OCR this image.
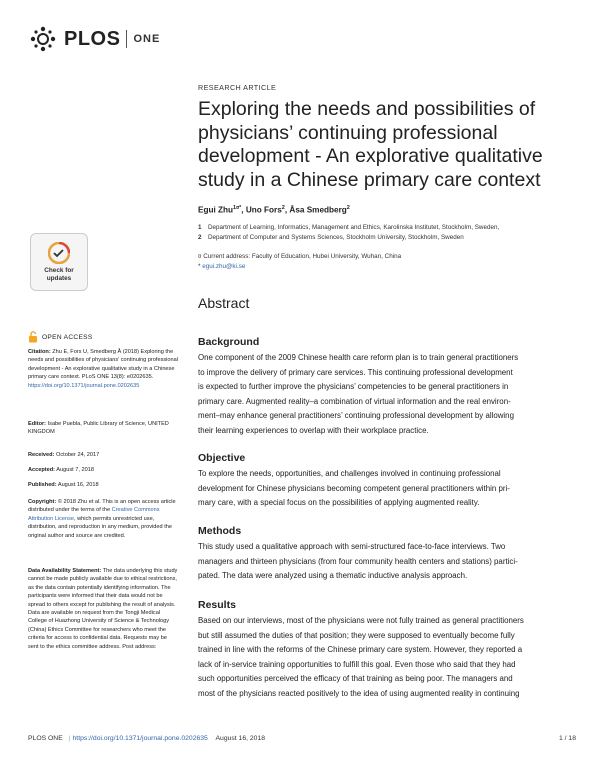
PLOS ONE
RESEARCH ARTICLE
Exploring the needs and possibilities of physicians’ continuing professional development - An explorative qualitative study in a Chinese primary care context
Egui Zhu$^{1¤*}$, Uno Fors$^2$, Åsa Smedberg$^2$
1	Department of Learning, Informatics, Management and Ethics, Karolinska Institutet, Stockholm, Sweden,
2	Department of Computer and Systems Sciences, Stockholm University, Stockholm, Sweden
¤ Current address: Faculty of Education, Hubei University, Wuhan, China
* egui.zhu@ki.se
Check for
updates
OPEN ACCESS
Citation: Zhu E, Fors U, Smedberg Å (2018) Exploring the needs and possibilities of physicians’ continuing professional development - An explorative qualitative study in a Chinese primary care context. PLoS ONE 13(8): e0202635. https://doi.org/10.1371/journal.pone.0202635
Editor: Isabe Puebla, Public Library of Science, UNITED KINGDOM
Received: October 24, 2017
Accepted: August 7, 2018
Published: August 16, 2018
Copyright: © 2018 Zhu et al. This is an open access article distributed under the terms of the Creative Commons Attribution License, which permits unrestricted use, distribution, and reproduction in any medium, provided the original author and source are credited.
Data Availability Statement: The data underlying this study cannot be made publicly available due to ethical restrictions, as the data contain potentially identifying information. The participants were informed that their data would not be spread to others except for publishing the result of analysis. Data are available on request from the Tongji Medical College of Huazhong University of Science & Technology (China) Ethics Committee for researchers who meet the criteria for access to confidential data. Requests may be sent to the ethics committee address. Post address:
Abstract
Background
One component of the 2009 Chinese health care reform plan is to train general practitioners
to improve the delivery of primary care services. This continuing professional development
is expected to further improve the physicians’ competencies to be general practitioners in
primary care. Augmented reality–a combination of virtual information and the real environ-
ment–may enhance general practitioners’ continuing professional development by allowing
their learning experiences to overlap with their workplace practice.
Objective
To explore the needs, opportunities, and challenges involved in continuing professional
development for Chinese physicians becoming competent general practitioners within pri-
mary care, with a special focus on the possibilities of applying augmented reality.
Methods
This study used a qualitative approach with semi-structured face-to-face interviews. Two
managers and thirteen physicians (from four community health centers and stations) partici-
pated. The data were analyzed using a thematic inductive analysis approach.
Results
Based on our interviews, most of the physicians were not fully trained as general practitioners
but still assumed the duties of that position; they were supposed to eventually become fully
trained in line with the reforms of the Chinese primary care system. However, they reported a
lack of in-service training opportunities to fulfill this goal. Even those who said that they had
such opportunities perceived the efficacy of that training as being poor. The managers and
most of the physicians reacted positively to the idea of using augmented reality in continuing
PLOS ONE | https://doi.org/10.1371/journal.pone.0202635 August 16, 2018	1 / 18
